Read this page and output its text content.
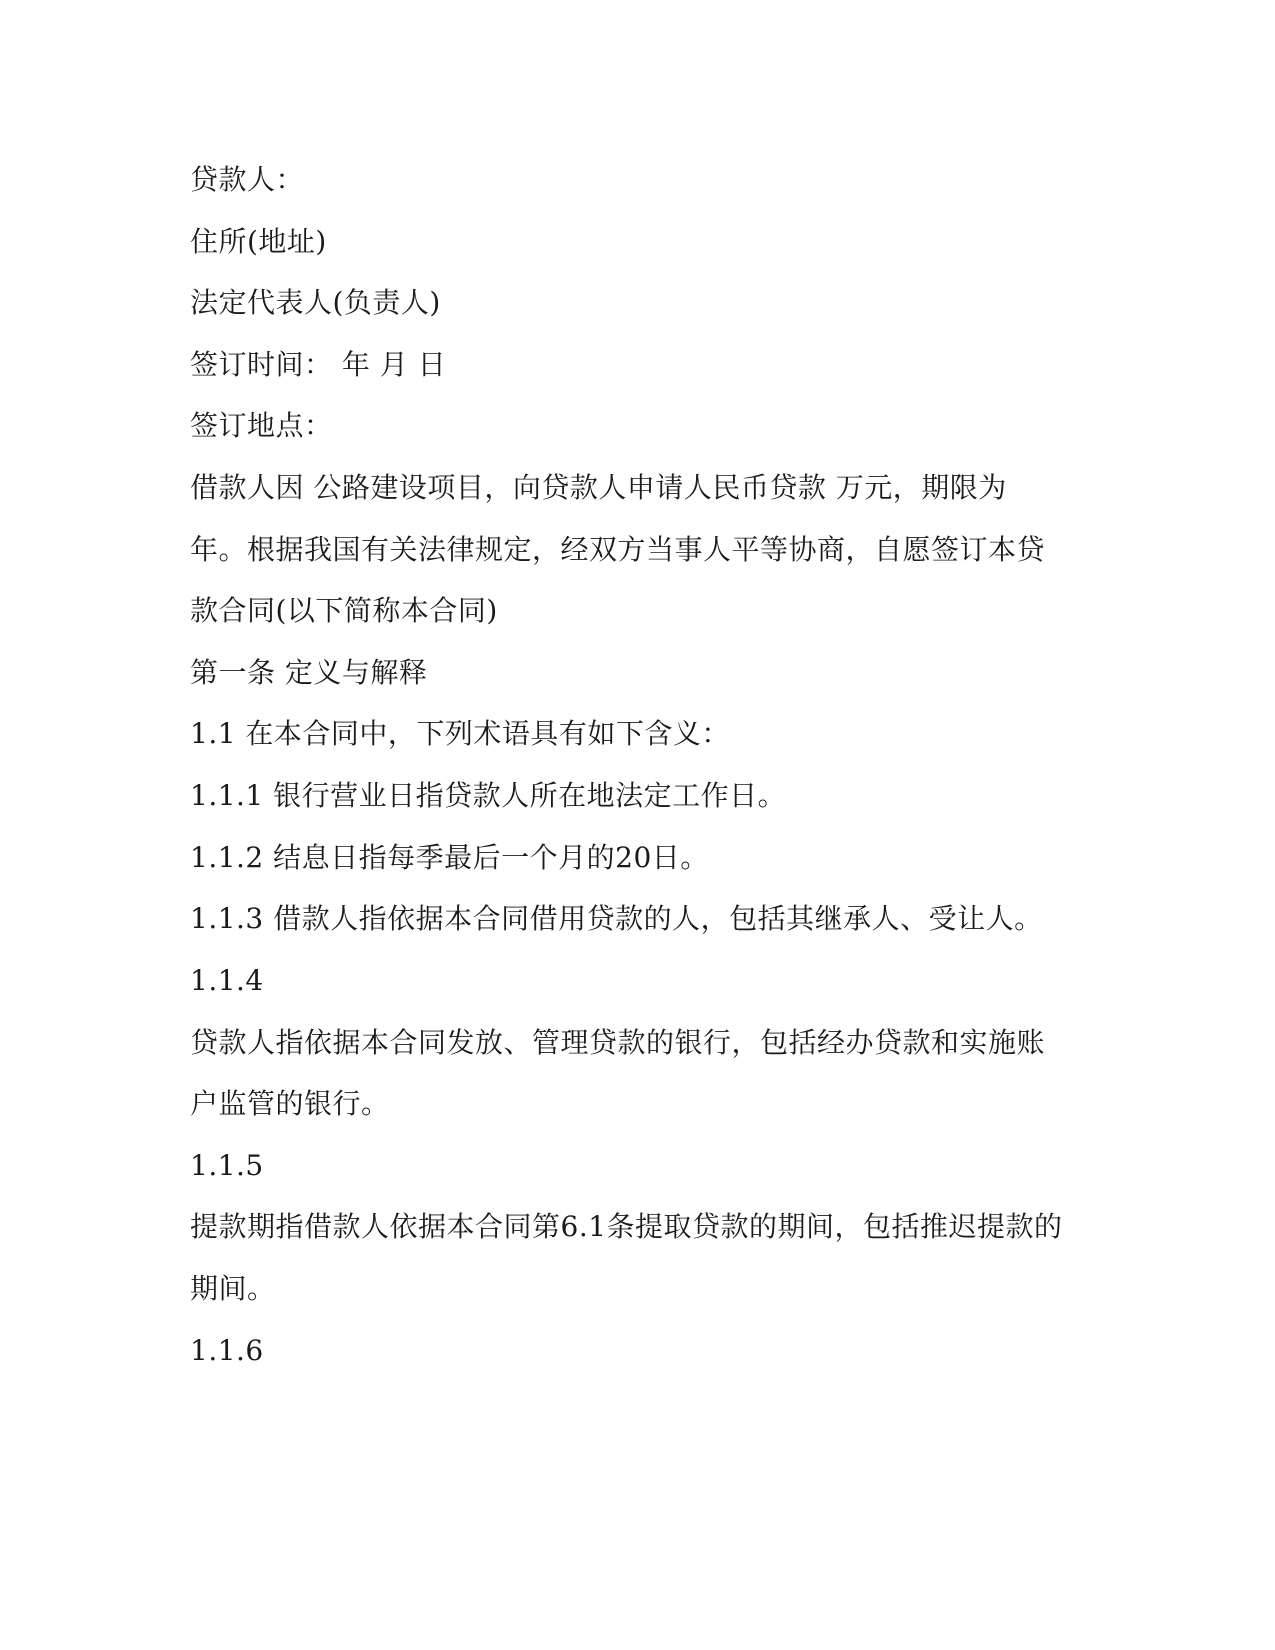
贷款人：
住所(地址)
法定代表人(负责人)
签订时间： 年 月 日
签订地点：
借款人因 公路建设项目，向贷款人申请人民币贷款 万元，期限为
年。根据我国有关法律规定，经双方当事人平等协商，自愿签订本贷
款合同(以下简称本合同)
第一条 定义与解释
1.1 在本合同中，下列术语具有如下含义：
1.1.1 银行营业日指贷款人所在地法定工作日。
1.1.2 结息日指每季最后一个月的20日。
1.1.3 借款人指依据本合同借用贷款的人，包括其继承人、受让人。
1.1.4
贷款人指依据本合同发放、管理贷款的银行，包括经办贷款和实施账
户监管的银行。
1.1.5
提款期指借款人依据本合同第6.1条提取贷款的期间，包括推迟提款的
期间。
1.1.6
